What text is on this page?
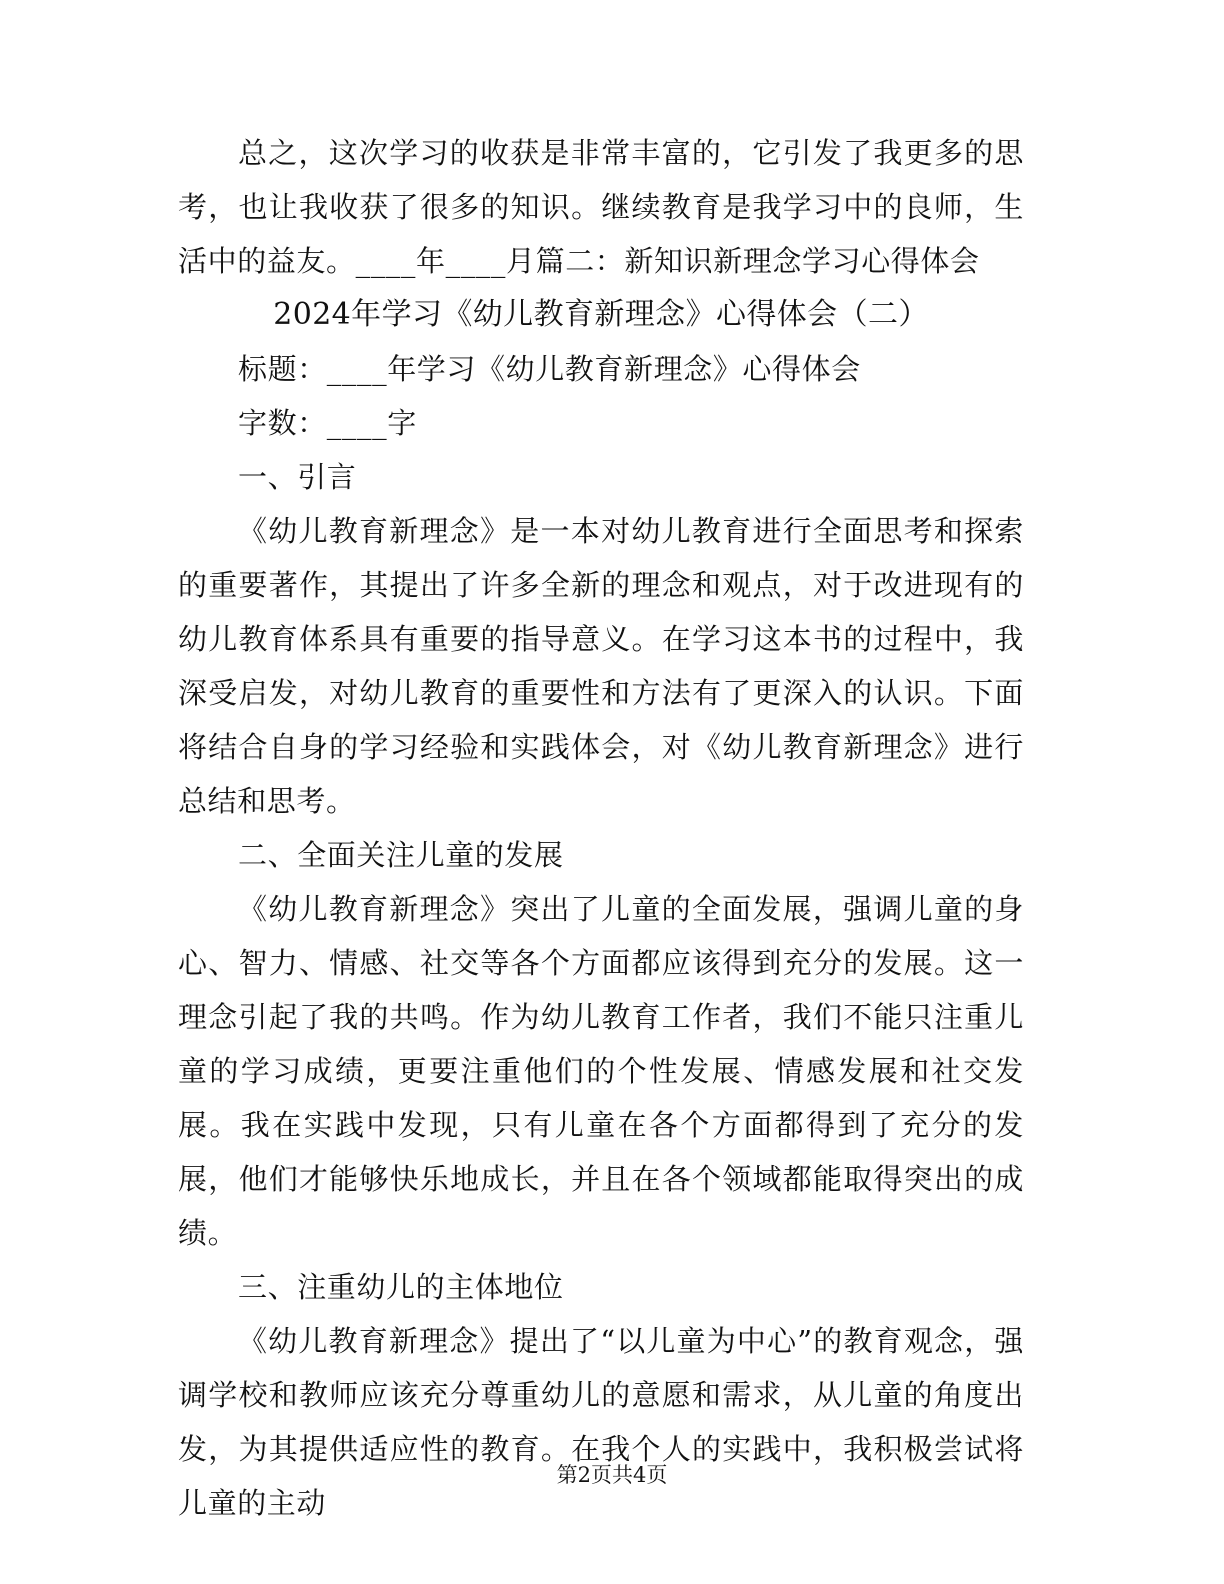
总之，这次学习的收获是非常丰富的，它引发了我更多的思考，也让我收获了很多的知识。继续教育是我学习中的良师，生活中的益友。____年____月篇二：新知识新理念学习心得体会

2024年学习《幼儿教育新理念》心得体会（二）

标题：____年学习《幼儿教育新理念》心得体会

字数：____字

一、引言

《幼儿教育新理念》是一本对幼儿教育进行全面思考和探索的重要著作，其提出了许多全新的理念和观点，对于改进现有的幼儿教育体系具有重要的指导意义。在学习这本书的过程中，我深受启发，对幼儿教育的重要性和方法有了更深入的认识。下面将结合自身的学习经验和实践体会，对《幼儿教育新理念》进行总结和思考。

二、全面关注儿童的发展

《幼儿教育新理念》突出了儿童的全面发展，强调儿童的身心、智力、情感、社交等各个方面都应该得到充分的发展。这一理念引起了我的共鸣。作为幼儿教育工作者，我们不能只注重儿童的学习成绩，更要注重他们的个性发展、情感发展和社交发展。我在实践中发现，只有儿童在各个方面都得到了充分的发展，他们才能够快乐地成长，并且在各个领域都能取得突出的成绩。

三、注重幼儿的主体地位

《幼儿教育新理念》提出了“以儿童为中心”的教育观念，强调学校和教师应该充分尊重幼儿的意愿和需求，从儿童的角度出发，为其提供适应性的教育。在我个人的实践中，我积极尝试将儿童的主动

第2页共4页
